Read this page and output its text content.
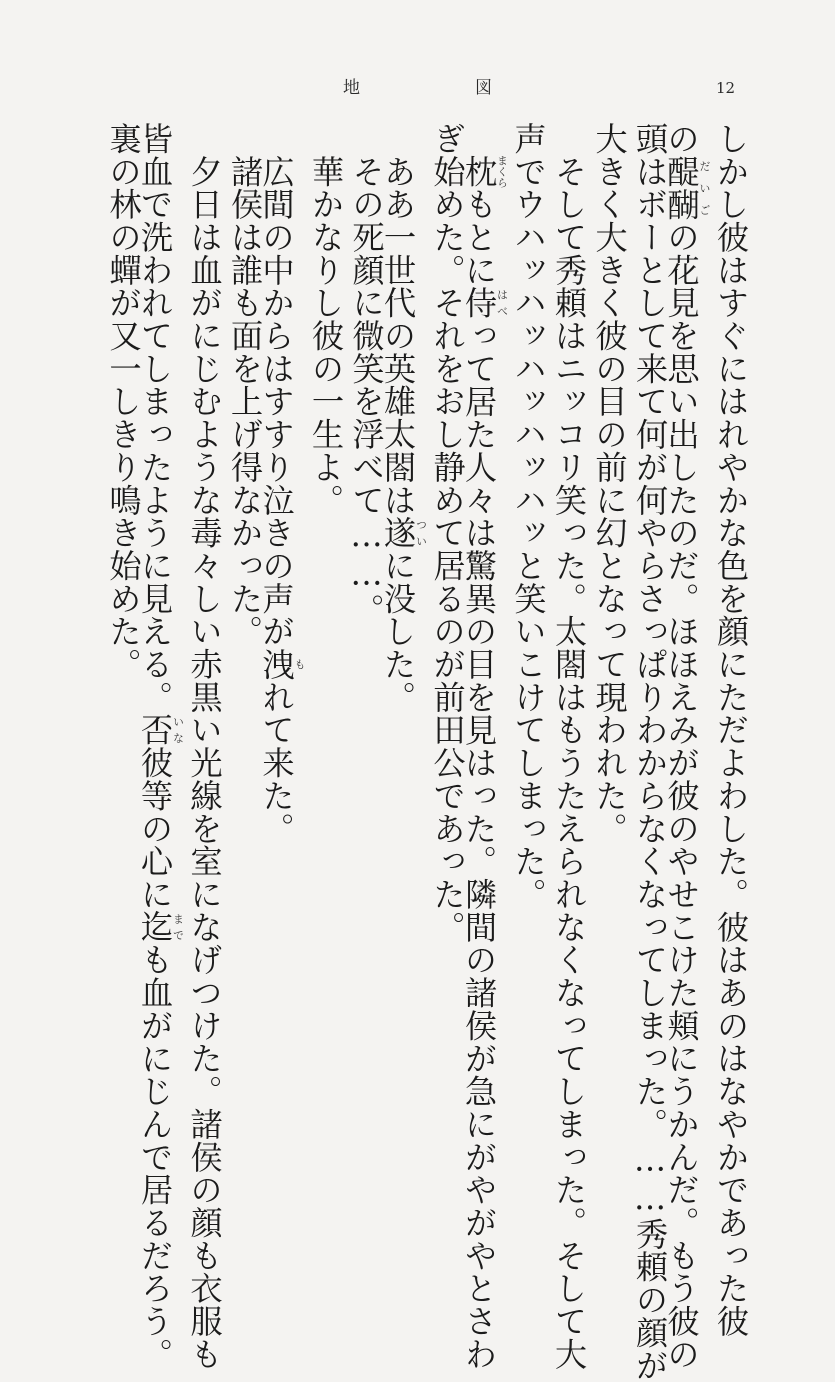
地	図	12
しかし彼はすぐにはれやかな色を顔にただよわした。彼はあのはなやかであった彼
の醍醐だいごの花見を思い出したのだ。ほほえみが彼のやせこけた頬にうかんだ。もう彼の
頭はボーとして来て何が何やらさっぱりわからなくなってしまった。……秀頼の顔が
大きく大きく彼の目の前に幻となって現われた。
　そして秀頼はニッコリ笑った。太閤はもうたえられなくなってしまった。そして大
声でウハッハッハッハッハッと笑いこけてしまった。
　枕まくらもとに侍はべって居た人々は驚異の目を見はった。隣間の諸侯が急にがやがやとさわ
ぎ始めた。それをおし静めて居るのが前田公であった。
　ああ一世代の英雄太閤は遂ついに没した。
　その死顔に微笑を浮べて……。
　華かなりし彼の一生よ。
　広間の中からはすすり泣きの声が洩もれて来た。
　諸侯は誰も面を上げ得なかった。
　夕日は血がにじむような毒々しい赤黒い光線を室になげつけた。諸侯の顔も衣服も
皆血で洗われてしまったように見える。否いな彼等の心に迄までも血がにじんで居るだろう。
裏の林の蟬が又一しきり鳴き始めた。
